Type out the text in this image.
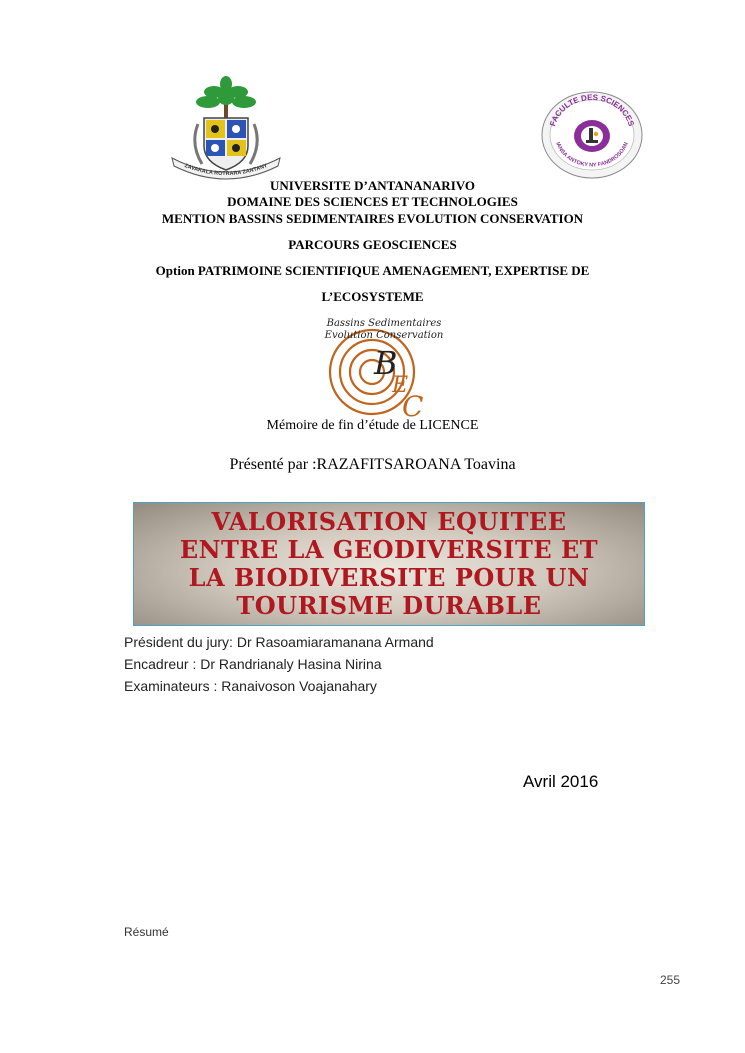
ZAVAKALA ROTRARA ZANTANY
FACULTE DES SCIENCES
IANSA ANTOKY NY FANDROSOAN
UNIVERSITE D’ANTANANARIVO
DOMAINE DES SCIENCES ET TECHNOLOGIES
MENTION BASSINS SEDIMENTAIRES EVOLUTION CONSERVATION
PARCOURS GEOSCIENCES
Option PATRIMOINE SCIENTIFIQUE AMENAGEMENT, EXPERTISE DE
L’ECOSYSTEME
Bassins Sedimentaires
Evolution Conservation
B
E
C
Mémoire de fin d’étude de LICENCE
Présenté par :RAZAFITSAROANA Toavina
VALORISATION EQUITEE
ENTRE LA GEODIVERSITE ET
LA BIODIVERSITE POUR UN
TOURISME DURABLE
Président du jury: Dr Rasoamiaramanana Armand
Encadreur : Dr Randrianaly Hasina Nirina
Examinateurs : Ranaivoson Voajanahary
Avril 2016
Résumé
255
